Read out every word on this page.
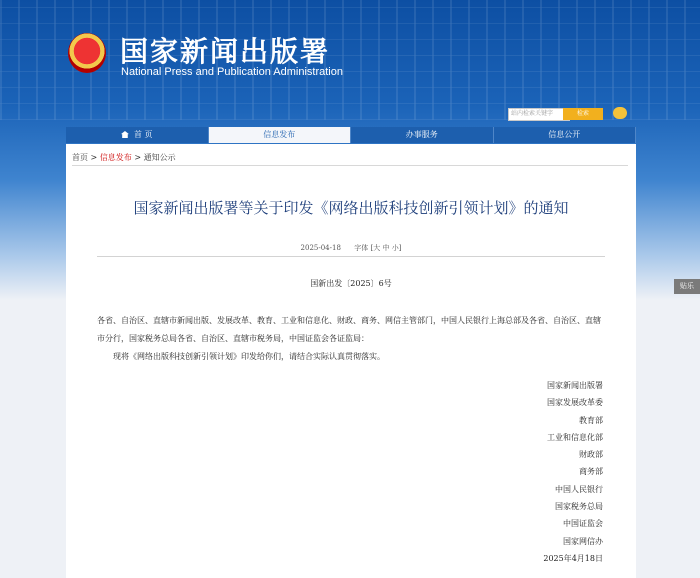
国家新闻出版署
National Press and Publication Administration
站内检索关键字	检索
首 页	信息发布	办事服务	信息公开
首页 > 信息发布 > 通知公示
国家新闻出版署等关于印发《网络出版科技创新引领计划》的通知
2025-04-18 字体 [大 中 小]
国新出发〔2025〕6号

各省、自治区、直辖市新闻出版、发展改革、教育、工业和信息化、财政、商务、网信主管部门，中国人民银行上海总部及各省、自治区、直辖市分行，国家税务总局各省、自治区、直辖市税务局，中国证监会各证监局：

现将《网络出版科技创新引领计划》印发给你们，请结合实际认真贯彻落实。

国家新闻出版署
国家发展改革委
教育部
工业和信息化部
财政部
商务部
中国人民银行
国家税务总局
中国证监会
国家网信办
2025年4月18日
贴乐
